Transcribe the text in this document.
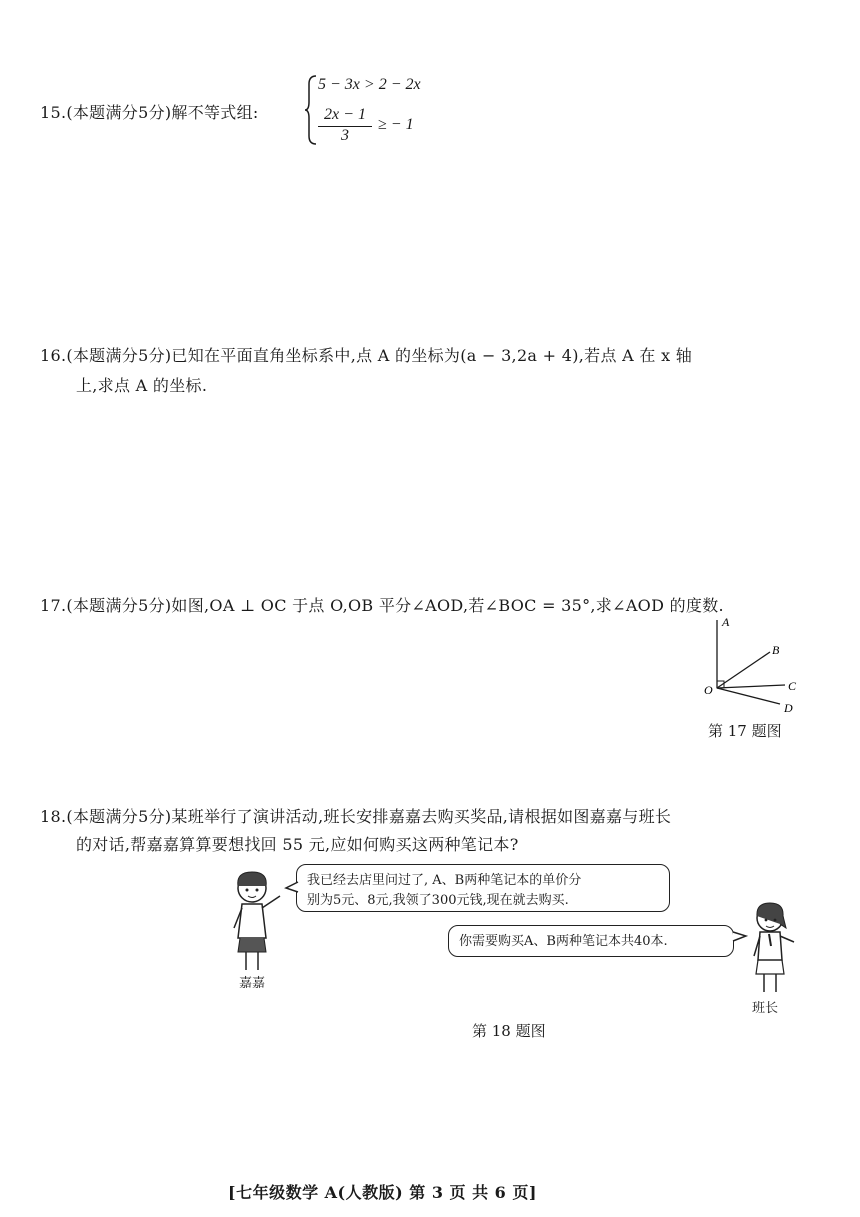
15.(本题满分5分)解不等式组:
5 − 3x > 2 − 2x
2x − 1
3
≥ − 1
16.(本题满分5分)已知在平面直角坐标系中,点 A 的坐标为(a − 3,2a + 4),若点 A 在 x 轴
上,求点 A 的坐标.
17.(本题满分5分)如图,OA ⊥ OC 于点 O,OB 平分∠AOD,若∠BOC = 35°,求∠AOD 的度数.
A
B
C
D
O
第 17 题图
18.(本题满分5分)某班举行了演讲活动,班长安排嘉嘉去购买奖品,请根据如图嘉嘉与班长
的对话,帮嘉嘉算算要想找回 55 元,应如何购买这两种笔记本?
嘉嘉
我已经去店里问过了, A、B两种笔记本的单价分
别为5元、8元,我领了300元钱,现在就去购买.
你需要购买A、B两种笔记本共40本.
班长
第 18 题图
[七年级数学 A(人教版) 第 3 页 共 6 页]
